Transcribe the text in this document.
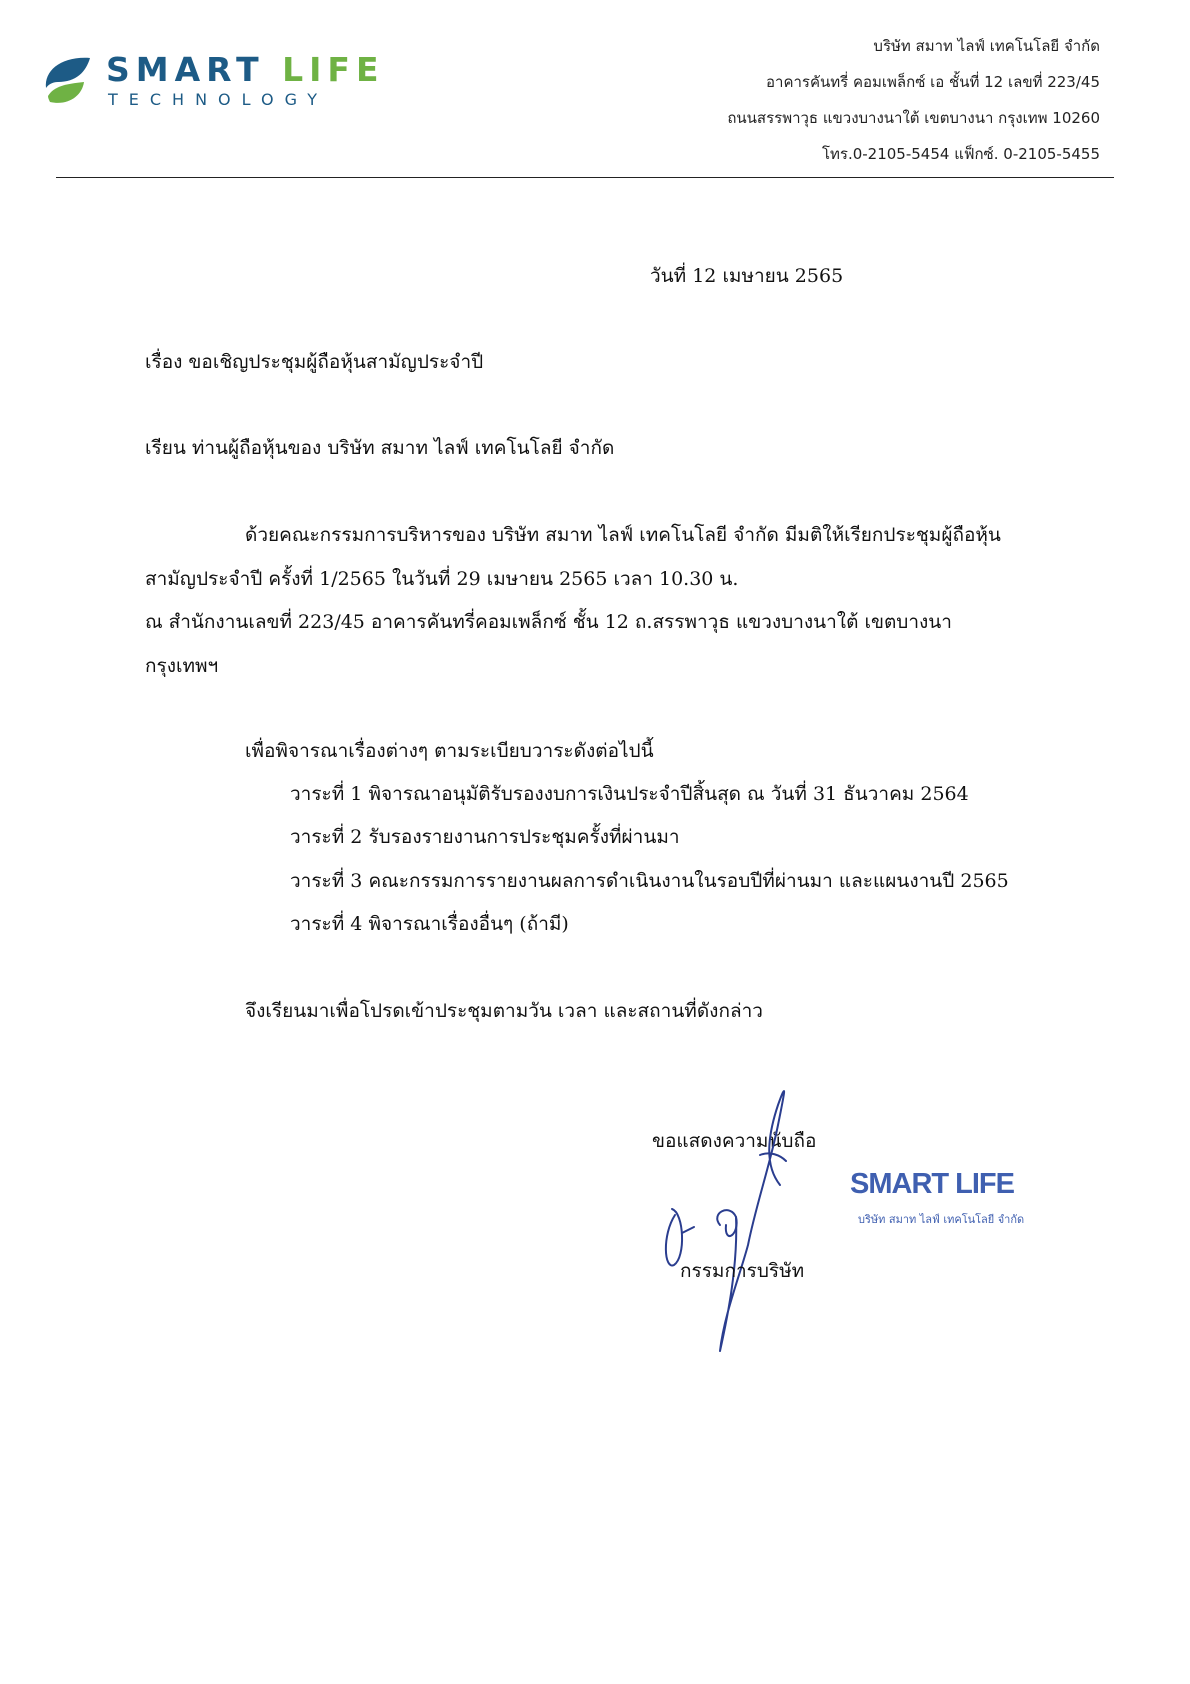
SMART LIFE
TECHNOLOGY
บริษัท สมาท ไลฟ์ เทคโนโลยี จำกัด
อาคารคันทรี่ คอมเพล็กซ์ เอ ชั้นที่ 12 เลขที่ 223/45
ถนนสรรพาวุธ แขวงบางนาใต้ เขตบางนา กรุงเทพ 10260
โทร.0-2105-5454 แฟ็กซ์. 0-2105-5455
วันที่ 12 เมษายน 2565
เรื่อง ขอเชิญประชุมผู้ถือหุ้นสามัญประจำปี
เรียน ท่านผู้ถือหุ้นของ บริษัท สมาท ไลฟ์ เทคโนโลยี จำกัด
ด้วยคณะกรรมการบริหารของ บริษัท สมาท ไลฟ์ เทคโนโลยี จำกัด มีมติให้เรียกประชุมผู้ถือหุ้น
สามัญประจำปี ครั้งที่ 1/2565 ในวันที่ 29 เมษายน 2565 เวลา 10.30 น.
ณ สำนักงานเลขที่ 223/45 อาคารคันทรี่คอมเพล็กซ์ ชั้น 12 ถ.สรรพาวุธ แขวงบางนาใต้ เขตบางนา
กรุงเทพฯ
เพื่อพิจารณาเรื่องต่างๆ ตามระเบียบวาระดังต่อไปนี้
วาระที่ 1 พิจารณาอนุมัติรับรองงบการเงินประจำปีสิ้นสุด ณ วันที่ 31 ธันวาคม 2564
วาระที่ 2 รับรองรายงานการประชุมครั้งที่ผ่านมา
วาระที่ 3 คณะกรรมการรายงานผลการดำเนินงานในรอบปีที่ผ่านมา และแผนงานปี 2565
วาระที่ 4 พิจารณาเรื่องอื่นๆ (ถ้ามี)
จึงเรียนมาเพื่อโปรดเข้าประชุมตามวัน เวลา และสถานที่ดังกล่าว
ขอแสดงความนับถือ
กรรมการบริษัท
SMART LIFE
บริษัท สมาท ไลฟ์ เทคโนโลยี จำกัด
